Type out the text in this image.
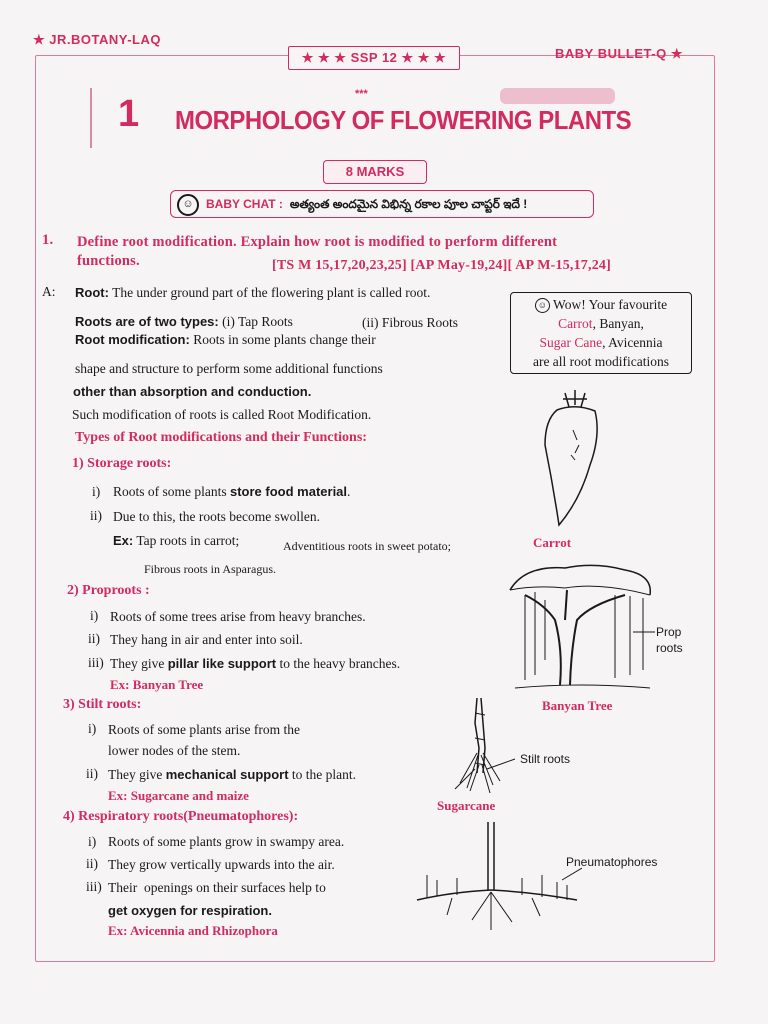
★ JR.BOTANY-LAQ
★ ★ ★ SSP 12 ★ ★ ★	BABY BULLET-Q ★
1	***
MORPHOLOGY OF FLOWERING PLANTS
8 MARKS
☺ BABY CHAT : అత్యంత అందమైన విభిన్న రకాల పూల చాప్టర్ ఇదే !
1. Define root modification. Explain how root is modified to perform different
functions.	[TS M 15,17,20,23,25] [AP May-19,24][ AP M-15,17,24]
A: Root: The under ground part of the flowering plant is called root.
Roots are of two types: (i) Tap Roots	(ii) Fibrous Roots
Root modification: Roots in some plants change their
shape and structure to perform some additional functions
other than absorption and conduction.
Such modification of roots is called Root Modification.
Types of Root modifications and their Functions:
☺ Wow! Your favourite
Carrot, Banyan,
Sugar Cane, Avicennia
are all root modifications
1) Storage roots:
i) Roots of some plants store food material.
ii) Due to this, the roots become swollen.
Ex: Tap roots in carrot;	Adventitious roots in sweet potato;
Fibrous roots in Asparagus.
2) Proproots :
i) Roots of some trees arise from heavy branches.
ii) They hang in air and enter into soil.
iii) They give pillar like support to the heavy branches.
Ex: Banyan Tree
3) Stilt roots:
i) Roots of some plants arise from the
lower nodes of the stem.
ii) They give mechanical support to the plant.
Ex: Sugarcane and maize
4) Respiratory roots(Pneumatophores):
i) Roots of some plants grow in swampy area.
ii) They grow vertically upwards into the air.
iii) Their  openings on their surfaces help to
get oxygen for respiration.
Ex: Avicennia and Rhizophora
Carrot
Prop
roots
Banyan Tree
Stilt roots
Sugarcane
Pneumatophores
